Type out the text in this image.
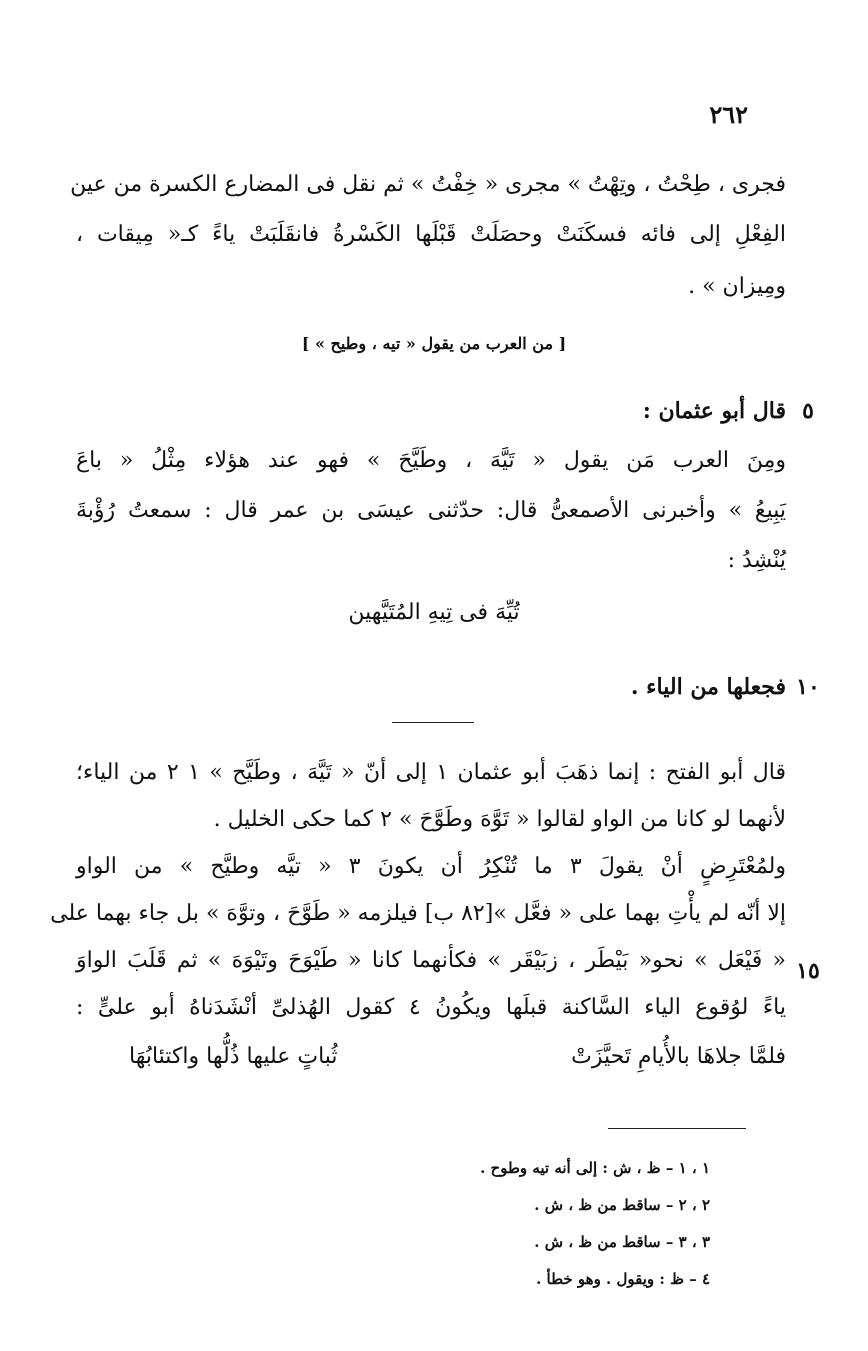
٢٦٢
فجرى ، طِحْتُ ، وتِهْتُ » مجرى « خِفْتُ » ثم نقل فى المضارع الكسرة من عين
الفِعْلِ إلى فائه فسكَنَتْ وحصَلَتْ قَبْلَها الكَسْرةُ فانقَلَبَتْ ياءً كـ« مِيقات ،
ومِيزان » .
[ من العرب من يقول « تيه ، وطيح » ]
٥
قال أبو عثمان :
ومِنَ العرب مَن يقول « تَيَّهَ ، وطَيَّحَ » فهو عند هؤلاء مِثْلُ « باعَ
يَبِيعُ » وأخبرنى الأصمعىُّ قال: حدّثنى عيسَى بن عمر قال : سمعتُ رُؤْبةَ
يُنْشِدُ :
تُيِّهَ فى تِيهِ المُتَيَّهين
١٠
فجعلها من الياء .
قال أبو الفتح : إنما ذهَبَ أبو عثمان ١ إلى أنّ « تَيَّهَ ، وطَيَّح » ١ ٢ من الياء؛
لأنهما لو كانا من الواو لقالوا « تَوَّهَ وطَوَّحَ » ٢ كما حكى الخليل .
ولمُعْتَرِضٍ أنْ يقولَ ٣ ما تُنْكِرُ أن يكونَ ٣ « تيَّه وطيَّح » من الواو
إلا أنّه لم يأْتِ بهما على « فعَّل »[٨٢ ب] فيلزمه « طَوَّحَ ، وتوَّهَ » بل جاء بهما على
١٥
« فَيْعَل » نحو« بَيْطَر ، زبَيْقَر » فكأنهما كانا « طَيْوَحَ وتَيْوَهَ » ثم قَلَبَ الواوَ
ياءً لوُقوع الياء السَّاكنة قبلَها ويكُونُ ٤ كقول الهُذلىِّ أنْشَدَناهُ أبو علىٍّ :
فلمَّا جلاهَا بالأُيامِ تَحيَّزَتْ ثُباتٍ عليها ذُلُّها واكتئابُهَا
١ ، ١ – ظ ، ش : إلى أنه تيه وطوح .
٢ ، ٢ – ساقط من ظ ، ش .
٣ ، ٣ – ساقط من ظ ، ش .
٤ – ظ : ويقول . وهو خطأ .
